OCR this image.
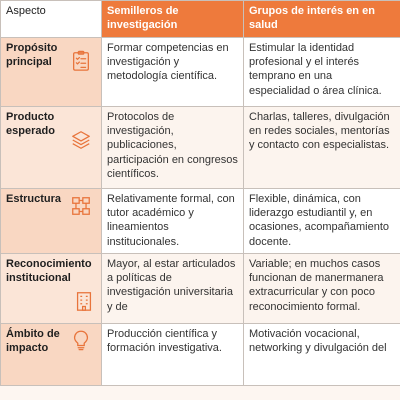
Aspecto	Semilleros de investigación	Grupos de interés en en salud

Propósito principal	Formar competencias en investigación y metodología científica.	Estimular la identidad profesional y el interés temprano en una especialidad o área clínica.

Producto esperado	Protocolos de investigación, publicaciones, participación en congresos científicos.	Charlas, talleres, divulgación en redes sociales, mentorías y contacto con especialistas.

Estructura	Relativamente formal, con tutor académico y lineamientos institucionales.	Flexible, dinámica, con liderazgo estudiantil y, en ocasiones, acompañamiento docente.

Reconocimiento institucional	Mayor, al estar articulados a políticas de investigación universitaria y de	Variable; en muchos casos funcionan de manermanera extracurricular y con poco reconocimiento formal.

Ámbito de impacto	Producción científica y formación investigativa.	Motivación vocacional, networking y divulgación del
